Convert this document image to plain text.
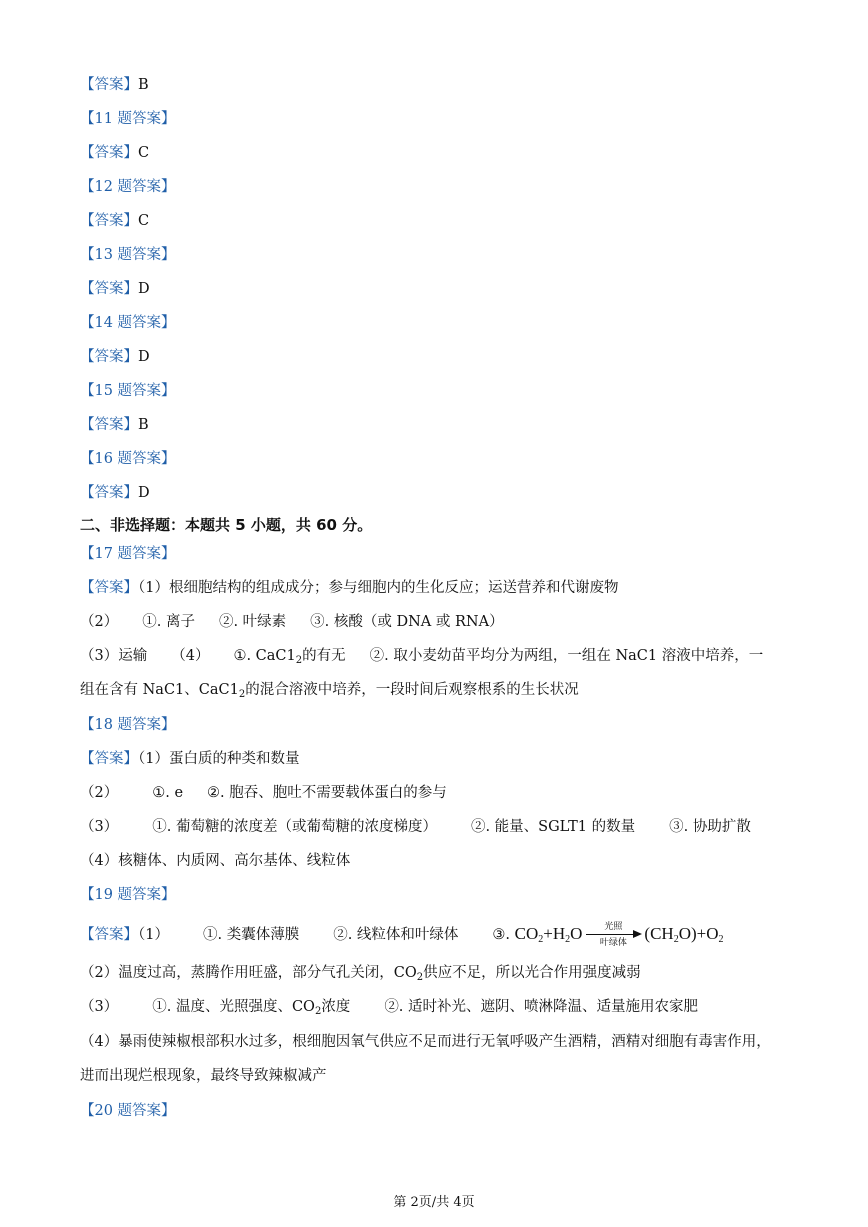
【答案】B
【11 题答案】
【答案】C
【12 题答案】
【答案】C
【13 题答案】
【答案】D
【14 题答案】
【答案】D
【15 题答案】
【答案】B
【16 题答案】
【答案】D
二、非选择题：本题共 5 小题，共 60 分。
【17 题答案】
【答案】（1）根细胞结构的组成成分；参与细胞内的生化反应；运送营养和代谢废物
（2） ①. 离子 ②. 叶绿素 ③. 核酸（或 DNA 或 RNA）
（3）运输 （4） ①. $CaC1_2$的有无 ②. 取小麦幼苗平均分为两组，一组在 NaC1 溶液中培养，一
组在含有 NaC1、$CaC1_2$的混合溶液中培养，一段时间后观察根系的生长状况
【18 题答案】
【答案】（1）蛋白质的种类和数量
（2） ①. e ②. 胞吞、胞吐不需要载体蛋白的参与
（3） ①. 葡萄糖的浓度差（或葡萄糖的浓度梯度） ②. 能量、SGLT1 的数量 ③. 协助扩散
（4）核糖体、内质网、高尔基体、线粒体
【19 题答案】
【答案】（1） ①. 类囊体薄膜 ②. 线粒体和叶绿体 ③. $CO_2+H_2O$	光照
叶绿体	$(CH_2O)+O_2$
（2）温度过高，蒸腾作用旺盛，部分气孔关闭，$CO_2$供应不足，所以光合作用强度减弱
（3） ①. 温度、光照强度、$CO_2$浓度 ②. 适时补光、遮阴、喷淋降温、适量施用农家肥
（4）暴雨使辣椒根部积水过多，根细胞因氧气供应不足而进行无氧呼吸产生酒精，酒精对细胞有毒害作用，
进而出现烂根现象，最终导致辣椒减产
【20 题答案】
第 2页/共 4页
